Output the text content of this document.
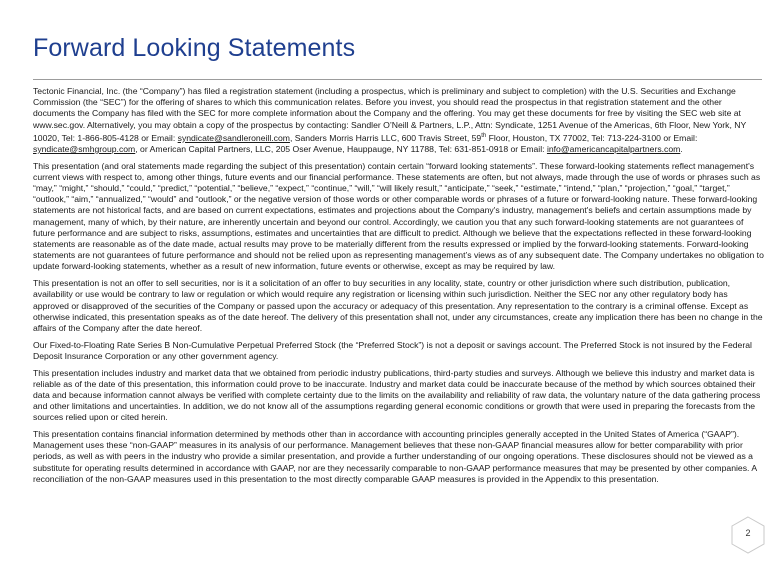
Forward Looking Statements

Tectonic Financial, Inc. (the “Company”) has filed a registration statement (including a prospectus, which is preliminary and subject to completion) with the U.S. Securities and Exchange Commission (the “SEC”) for the offering of shares to which this communication relates. Before you invest, you should read the prospectus in that registration statement and the other documents the Company has filed with the SEC for more complete information about the Company and the offering. You may get these documents for free by visiting the SEC web site at www.sec.gov. Alternatively, you may obtain a copy of the prospectus by contacting: Sandler O’Neill & Partners, L.P., Attn: Syndicate, 1251 Avenue of the Americas, 6th Floor, New York, NY 10020, Tel: 1-866-805-4128 or Email: syndicate@sandleroneill.com, Sanders Morris Harris LLC, 600 Travis Street, 59th Floor, Houston, TX 77002, Tel: 713-224-3100 or Email: syndicate@smhgroup.com, or American Capital Partners, LLC, 205 Oser Avenue, Hauppauge, NY 11788, Tel: 631-851-0918 or Email: info@americancapitalpartners.com.

This presentation (and oral statements made regarding the subject of this presentation) contain certain “forward looking statements”. These forward-looking statements reflect management's current views with respect to, among other things, future events and our financial performance. These statements are often, but not always, made through the use of words or phrases such as “may,” “might,” “should,” “could,” “predict,” “potential,” “believe,” “expect,” “continue,” “will,” “will likely result,” “anticipate,” “seek,” “estimate,” “intend,” “plan,” “projection,” “goal,” “target,” “outlook,” “aim,” “annualized,” “would” and “outlook,” or the negative version of those words or other comparable words or phrases of a future or forward-looking nature. These forward-looking statements are not historical facts, and are based on current expectations, estimates and projections about the Company's industry, management's beliefs and certain assumptions made by management, many of which, by their nature, are inherently uncertain and beyond our control. Accordingly, we caution you that any such forward-looking statements are not guarantees of future performance and are subject to risks, assumptions, estimates and uncertainties that are difficult to predict. Although we believe that the expectations reflected in these forward-looking statements are reasonable as of the date made, actual results may prove to be materially different from the results expressed or implied by the forward-looking statements. Forward-looking statements are not guarantees of future performance and should not be relied upon as representing management’s views as of any subsequent date. The Company undertakes no obligation to update forward-looking statements, whether as a result of new information, future events or otherwise, except as may be required by law.

This presentation is not an offer to sell securities, nor is it a solicitation of an offer to buy securities in any locality, state, country or other jurisdiction where such distribution, publication, availability or use would be contrary to law or regulation or which would require any registration or licensing within such jurisdiction. Neither the SEC nor any other regulatory body has approved or disapproved of the securities of the Company or passed upon the accuracy or adequacy of this presentation. Any representation to the contrary is a criminal offense. Except as otherwise indicated, this presentation speaks as of the date hereof. The delivery of this presentation shall not, under any circumstances, create any implication there has been no change in the affairs of the Company after the date hereof.

Our Fixed-to-Floating Rate Series B Non-Cumulative Perpetual Preferred Stock (the “Preferred Stock”) is not a deposit or savings account. The Preferred Stock is not insured by the Federal Deposit Insurance Corporation or any other government agency.

This presentation includes industry and market data that we obtained from periodic industry publications, third-party studies and surveys. Although we believe this industry and market data is reliable as of the date of this presentation, this information could prove to be inaccurate. Industry and market data could be inaccurate because of the method by which sources obtained their data and because information cannot always be verified with complete certainty due to the limits on the availability and reliability of raw data, the voluntary nature of the data gathering process and other limitations and uncertainties. In addition, we do not know all of the assumptions regarding general economic conditions or growth that were used in preparing the forecasts from the sources relied upon or cited herein.

This presentation contains financial information determined by methods other than in accordance with accounting principles generally accepted in the United States of America (“GAAP”). Management uses these “non-GAAP” measures in its analysis of our performance. Management believes that these non-GAAP financial measures allow for better comparability with prior periods, as well as with peers in the industry who provide a similar presentation, and provide a further understanding of our ongoing operations. These disclosures should not be viewed as a substitute for operating results determined in accordance with GAAP, nor are they necessarily comparable to non-GAAP performance measures that may be presented by other companies. A reconciliation of the non-GAAP measures used in this presentation to the most directly comparable GAAP measures is provided in the Appendix to this presentation.

2
